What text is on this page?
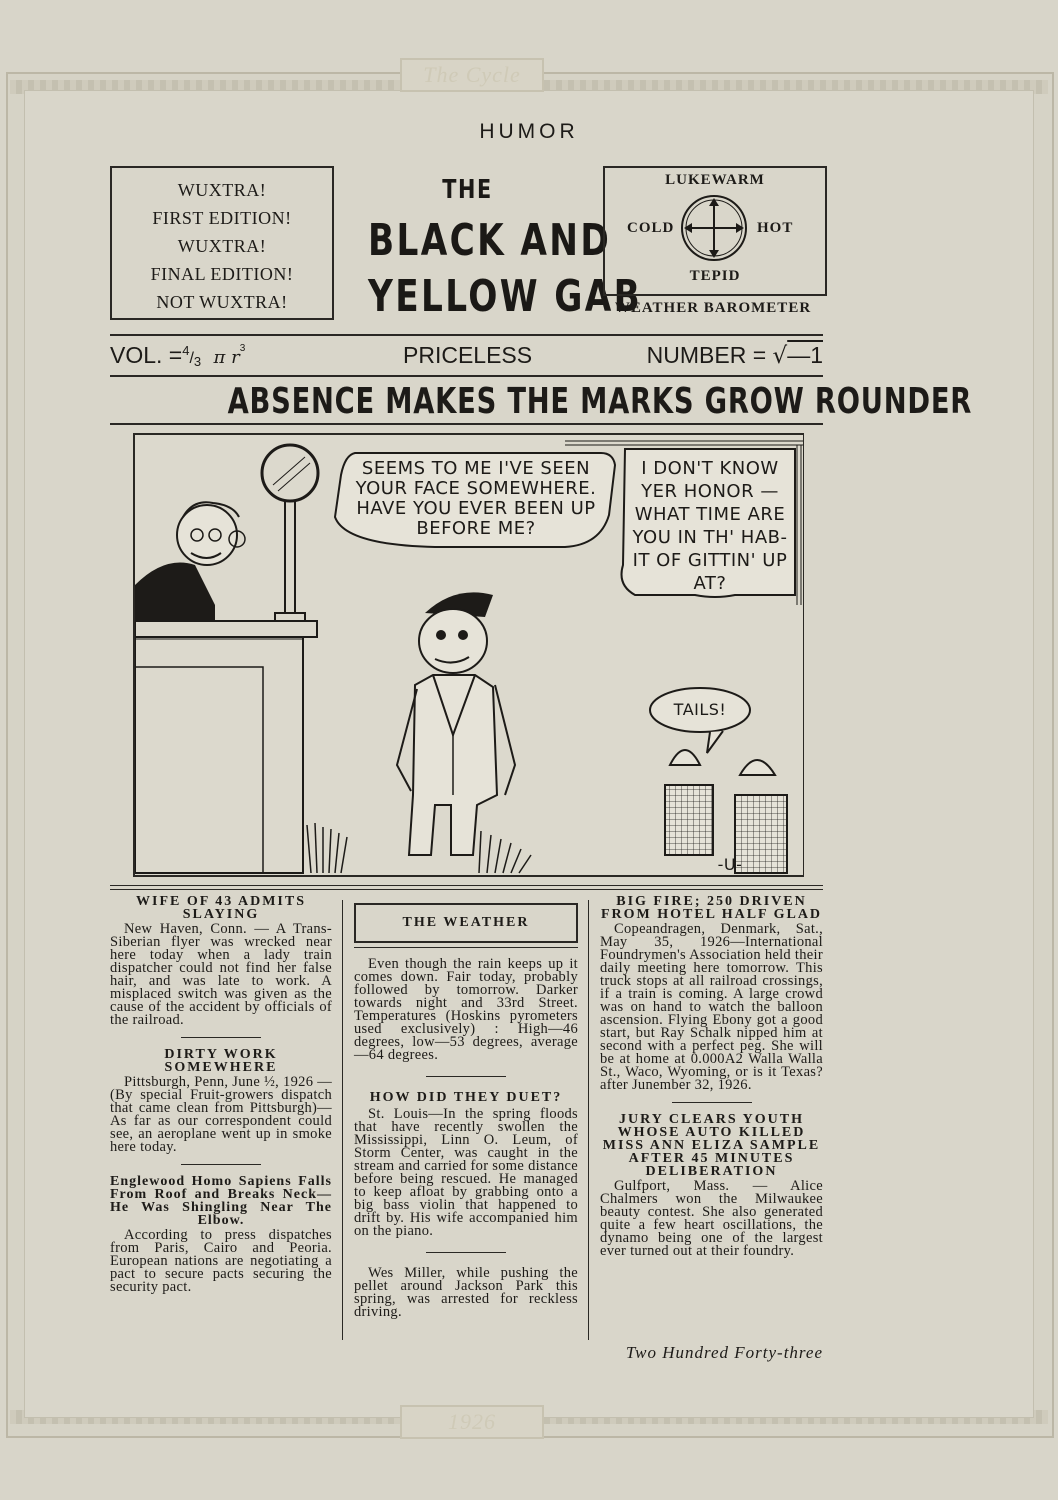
The Cycle
1926
HUMOR
WUXTRA!
FIRST EDITION!
WUXTRA!
FINAL EDITION!
NOT WUXTRA!
THE
BLACK AND
YELLOW GAB
LUKEWARM
COLD	HOT
TEPID
WEATHER BAROMETER
VOL. =$^4$/3 π $r^3$	PRICELESS	NUMBER = √—1
ABSENCE MAKES THE MARKS GROW ROUNDER
SEEMS TO ME I'VE SEEN
YOUR FACE SOMEWHERE.
HAVE YOU EVER BEEN UP
BEFORE ME?
I DON'T KNOW
YER HONOR —
WHAT TIME ARE
YOU IN TH' HAB-
IT OF GITTIN' UP
AT?
TAILS!
-U-
WIFE OF 43 ADMITS SLAYING

New Haven, Conn. — A Trans-Siberian flyer was wrecked near here today when a lady train dispatcher could not find her false hair, and was late to work. A misplaced switch was given as the cause of the accident by officials of the railroad.

DIRTY WORK SOMEWHERE

Pittsburgh, Penn, June ½, 1926 — (By special Fruit-growers dispatch that came clean from Pittsburgh)—As far as our correspondent could see, an aeroplane went up in smoke here today.

Englewood Homo Sapiens Falls From Roof and Breaks Neck—He Was Shingling Near The Elbow.

According to press dispatches from Paris, Cairo and Peoria. European nations are negotiating a pact to secure pacts securing the security pact.

THE WEATHER

Even though the rain keeps up it comes down. Fair today, probably followed by tomorrow. Darker towards night and 33rd Street. Temperatures (Hoskins pyrometers used exclusively) : High—46 degrees, low—53 degrees, average—64 degrees.

HOW DID THEY DUET?

St. Louis—In the spring floods that have recently swollen the Mississippi, Linn O. Leum, of Storm Center, was caught in the stream and carried for some distance before being rescued. He managed to keep afloat by grabbing onto a big bass violin that happened to drift by. His wife accompanied him on the piano.

Wes Miller, while pushing the pellet around Jackson Park this spring, was arrested for reckless driving.

BIG FIRE; 250 DRIVEN FROM HOTEL HALF GLAD

Copeandragen, Denmark, Sat., May 35, 1926—International Foundrymen's Association held their daily meeting here tomorrow. This truck stops at all railroad crossings, if a train is coming. A large crowd was on hand to watch the balloon ascension. Flying Ebony got a good start, but Ray Schalk nipped him at second with a perfect peg. She will be at home at 0.000A2 Walla Walla St., Waco, Wyoming, or is it Texas? after Junember 32, 1926.

JURY CLEARS YOUTH WHOSE AUTO KILLED MISS ANN ELIZA SAMPLE AFTER 45 MINUTES DELIBERATION

Gulfport, Mass. — Alice Chalmers won the Milwaukee beauty contest. She also generated quite a few heart oscillations, the dynamo being one of the largest ever turned out at their foundry.

Two Hundred Forty-three
